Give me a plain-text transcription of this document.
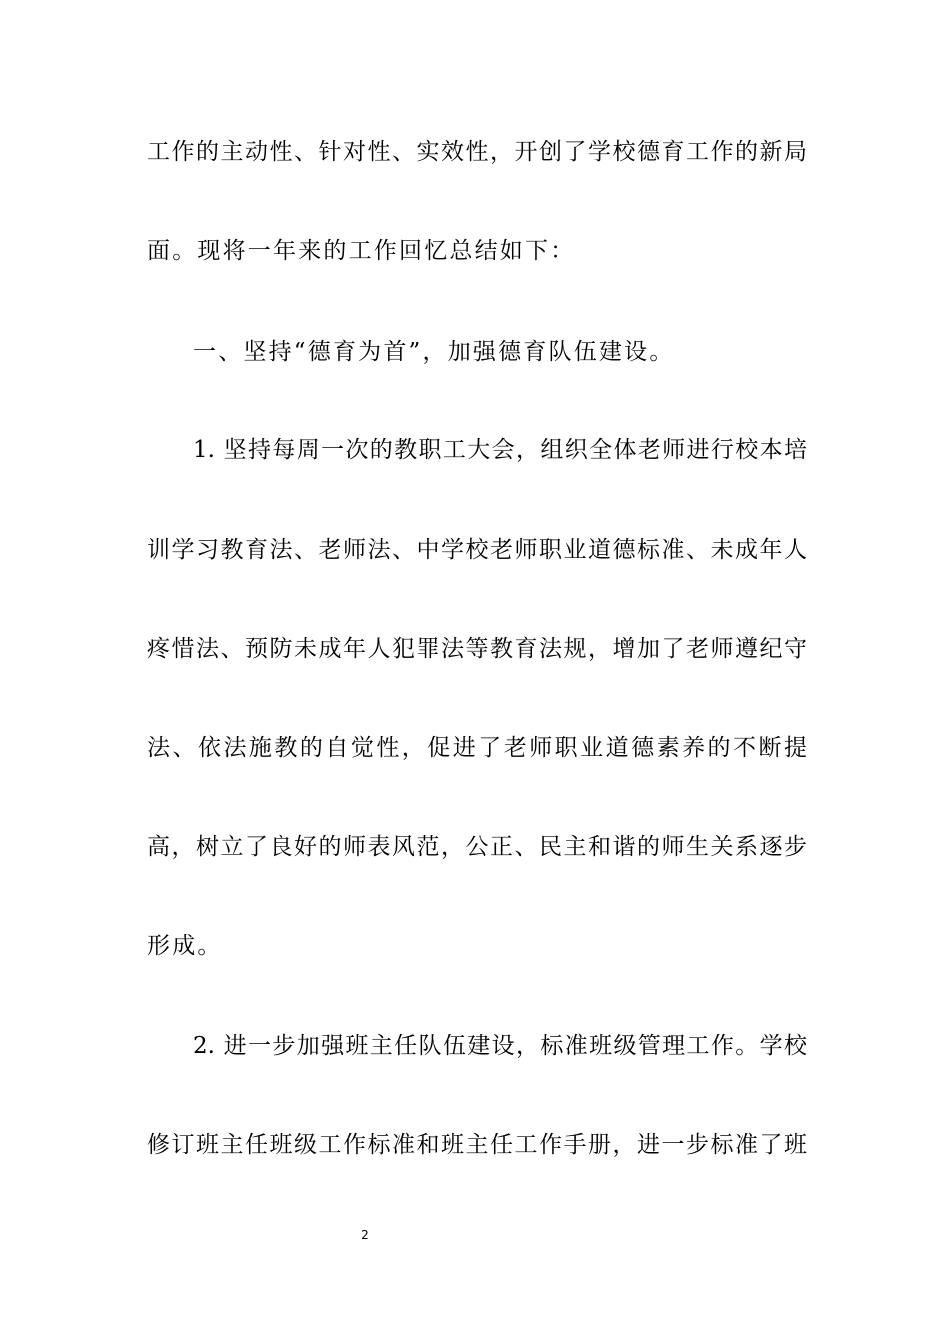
工作的主动性、针对性、实效性，开创了学校德育工作的新局
面。现将一年来的工作回忆总结如下：
一、坚持“德育为首”，加强德育队伍建设。
1. 坚持每周一次的教职工大会，组织全体老师进行校本培
训学习教育法、老师法、中学校老师职业道德标准、未成年人
疼惜法、预防未成年人犯罪法等教育法规，增加了老师遵纪守
法、依法施教的自觉性，促进了老师职业道德素养的不断提
高，树立了良好的师表风范，公正、民主和谐的师生关系逐步
形成。
2. 进一步加强班主任队伍建设，标准班级管理工作。学校
修订班主任班级工作标准和班主任工作手册，进一步标准了班
2
